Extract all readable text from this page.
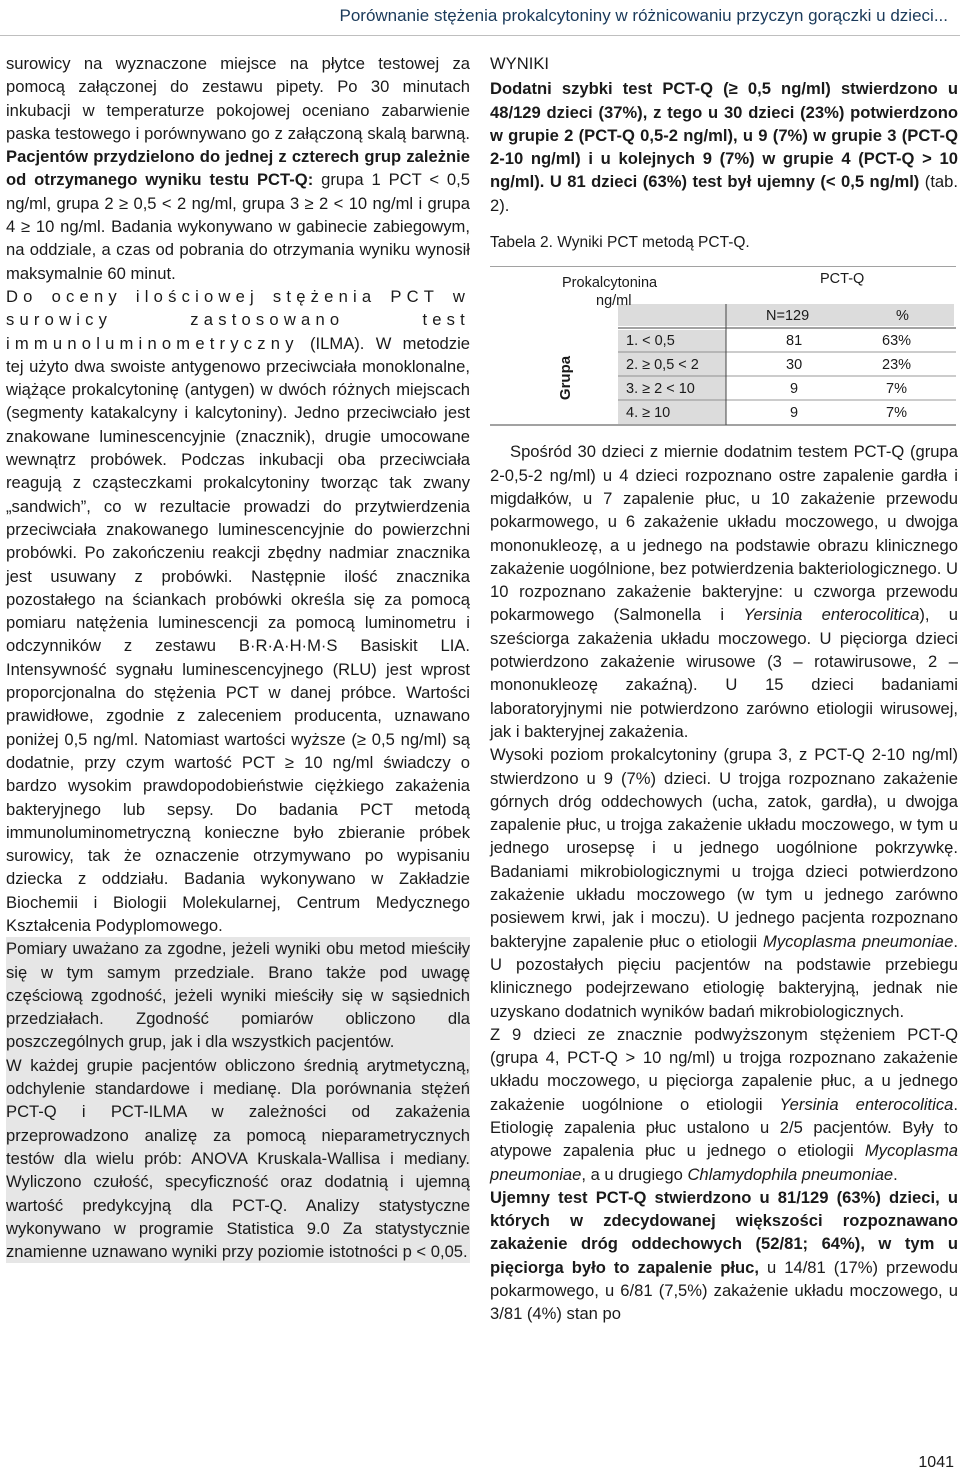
Porównanie stężenia prokalcytoniny w różnicowaniu przyczyn gorączki u dzieci...

surowicy na wyznaczone miejsce na płytce testowej za pomocą załączonej do zestawu pipety. Po 30 minutach inkubacji w temperaturze pokojowej oceniano zabarwienie paska testowego i porównywano go z załączoną skalą barwną. Pacjentów przydzielono do jednej z czterech grup zależnie od otrzymanego wyniku testu PCT-Q: grupa 1 PCT < 0,5 ng/ml, grupa 2 ≥ 0,5 < 2 ng/ml, grupa 3 ≥ 2 < 10 ng/ml i grupa 4 ≥ 10 ng/ml. Badania wykonywano w gabinecie zabiegowym, na oddziale, a czas od pobrania do otrzymania wyniku wynosił maksymalnie 60 minut.

Do oceny ilościowej stężenia PCT w surowicy zastosowano test immunoluminometryczny (ILMA). W metodzie tej użyto dwa swoiste antygenowo przeciwciała monoklonalne, wiążące prokalcytoninę (antygen) w dwóch różnych miejscach (segmenty katakalcyny i kalcytoniny). Jedno przeciwciało jest znakowane luminescencyjnie (znacznik), drugie umocowane wewnątrz probówek. Podczas inkubacji oba przeciwciała reagują z cząsteczkami prokalcytoniny tworząc tak zwany „sandwich”, co w rezultacie prowadzi do przytwierdzenia przeciwciała znakowanego luminescencyjnie do powierzchni probówki. Po zakończeniu reakcji zbędny nadmiar znacznika jest usuwany z probówki. Następnie ilość znacznika pozostałego na ściankach probówki określa się za pomocą pomiaru natężenia luminescencji za pomocą luminometru i odczynników z zestawu B·R·A·H·M·S Basiskit LIA. Intensywność sygnału luminescencyjnego (RLU) jest wprost proporcjonalna do stężenia PCT w danej próbce. Wartości prawidłowe, zgodnie z zaleceniem producenta, uznawano poniżej 0,5 ng/ml. Natomiast wartości wyższe (≥ 0,5 ng/ml) są dodatnie, przy czym wartość PCT ≥ 10 ng/ml świadczy o bardzo wysokim prawdopodobieństwie ciężkiego zakażenia bakteryjnego lub sepsy. Do badania PCT metodą immunoluminometryczną konieczne było zbieranie próbek surowicy, tak że oznaczenie otrzymywano po wypisaniu dziecka z oddziału. Badania wykonywano w Zakładzie Biochemii i Biologii Molekularnej, Centrum Medycznego Kształcenia Podyplomowego.

Pomiary uważano za zgodne, jeżeli wyniki obu metod mieściły się w tym samym przedziale. Brano także pod uwagę częściową zgodność, jeżeli wyniki mieściły się w sąsiednich przedziałach. Zgodność pomiarów obliczono dla poszczególnych grup, jak i dla wszystkich pacjentów.

W każdej grupie pacjentów obliczono średnią arytmetyczną, odchylenie standardowe i medianę. Dla porównania stężeń PCT-Q i PCT-ILMA w zależności od zakażenia przeprowadzono analizę za pomocą nieparametrycznych testów dla wielu prób: ANOVA Kruskala-Wallisa i mediany. Wyliczono czułość, specyficzność oraz dodatnią i ujemną wartość predykcyjną dla PCT-Q. Analizy statystyczne wykonywano w programie Statistica 9.0 Za statystycznie znamienne uznawano wyniki przy poziomie istotności p < 0,05.

WYNIKI

Dodatni szybki test PCT-Q (≥ 0,5 ng/ml) stwierdzono u 48/129 dzieci (37%), z tego u 30 dzieci (23%) potwierdzono w grupie 2 (PCT-Q 0,5-2 ng/ml), u 9 (7%) w grupie 3 (PCT-Q 2-10 ng/ml) i u kolejnych 9 (7%) w grupie 4 (PCT-Q > 10 ng/ml). U 81 dzieci (63%) test był ujemny (< 0,5 ng/ml) (tab. 2).

Tabela 2. Wyniki PCT metodą PCT-Q.
Grupa
Prokalcytonina
ng/ml
PCT-Q
N=129	%
1. < 0,5	81	63%
2. ≥ 0,5 < 2	30	23%
3. ≥ 2 < 10	9	7%
4. ≥ 10	9	7%

Spośród 30 dzieci z miernie dodatnim testem PCT-Q (grupa 2-0,5-2 ng/ml) u 4 dzieci rozpoznano ostre zapalenie gardła i migdałków, u 7 zapalenie płuc, u 10 zakażenie przewodu pokarmowego, u 6 zakażenie układu moczowego, u dwojga mononukleozę, a u jednego na podstawie obrazu klinicznego zakażenie uogólnione, bez potwierdzenia bakteriologicznego. U 10 rozpoznano zakażenie bakteryjne: u czworga przewodu pokarmowego (Salmonella i Yersinia enterocolitica), u sześciorga zakażenia układu moczowego. U pięciorga dzieci potwierdzono zakażenie wirusowe (3 – rotawirusowe, 2 – mononukleozę zakaźną). U 15 dzieci badaniami laboratoryjnymi nie potwierdzono zarówno etiologii wirusowej, jak i bakteryjnej zakażenia.

Wysoki poziom prokalcytoniny (grupa 3, z PCT-Q 2-10 ng/ml) stwierdzono u 9 (7%) dzieci. U trojga rozpoznano zakażenie górnych dróg oddechowych (ucha, zatok, gardła), u dwojga zapalenie płuc, u trojga zakażenie układu moczowego, w tym u jednego urosepsę i u jednego uogólnione pokrzywkę. Badaniami mikrobiologicznymi u trojga dzieci potwierdzono zakażenie układu moczowego (w tym u jednego zarówno posiewem krwi, jak i moczu). U jednego pacjenta rozpoznano bakteryjne zapalenie płuc o etiologii Mycoplasma pneumoniae. U pozostałych pięciu pacjentów na podstawie przebiegu klinicznego podejrzewano etiologię bakteryjną, jednak nie uzyskano dodatnich wyników badań mikrobiologicznych.

Z 9 dzieci ze znacznie podwyższonym stężeniem PCT-Q (grupa 4, PCT-Q > 10 ng/ml) u trojga rozpoznano zakażenie układu moczowego, u pięciorga zapalenie płuc, a u jednego zakażenie uogólnione o etiologii Yersinia enterocolitica. Etiologię zapalenia płuc ustalono u 2/5 pacjentów. Były to atypowe zapalenia płuc u jednego o etiologii Mycoplasma pneumoniae, a u drugiego Chlamydophila pneumoniae.

Ujemny test PCT-Q stwierdzono u 81/129 (63%) dzieci, u których w zdecydowanej większości rozpoznawano zakażenie dróg oddechowych (52/81; 64%), w tym u pięciorga było to zapalenie płuc, u 14/81 (17%) przewodu pokarmowego, u 6/81 (7,5%) zakażenie układu moczowego, u 3/81 (4%) stan po

1041
